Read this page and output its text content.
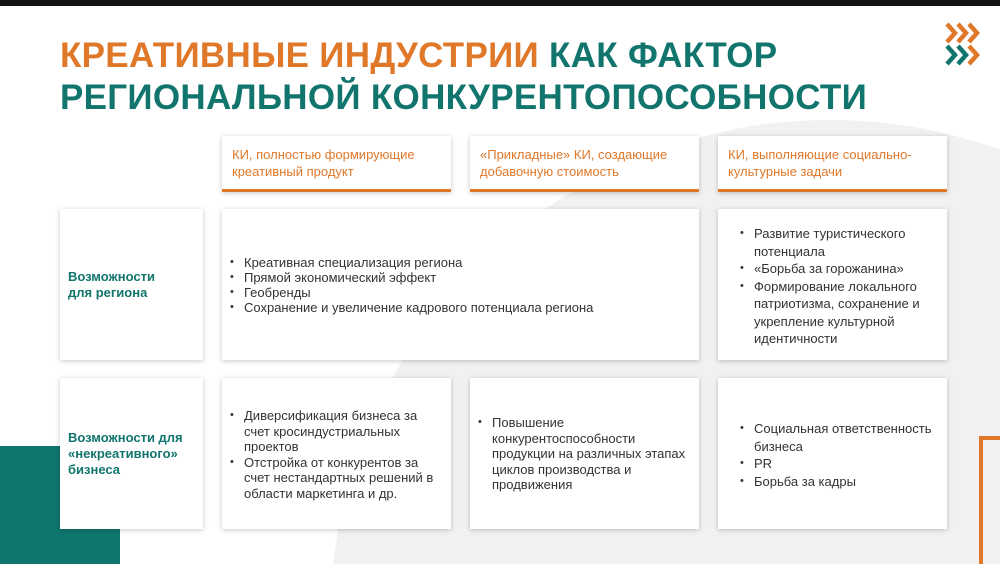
КРЕАТИВНЫЕ ИНДУСТРИИ КАК ФАКТОР
РЕГИОНАЛЬНОЙ КОНКУРЕНТОПОСОБНОСТИ
КИ, полностью формирующие креативный продукт
«Прикладные» КИ, создающие добавочную стоимость
КИ, выполняющие социально-культурные задачи
Возможности
для региона
• Креативная специализация региона
• Прямой экономический эффект
• Геобренды
• Сохранение и увеличение кадрового потенциала региона
• Развитие туристического потенциала
• «Борьба за горожанина»
• Формирование локального патриотизма, сохранение и укрепление культурной идентичности
Возможности для
«некреативного»
бизнеса
• Диверсификация бизнеса за счет кросиндустриальных проектов
• Отстройка от конкурентов за счет нестандартных решений в области маркетинга и др.
• Повышение конкурентоспособности продукции на различных этапах циклов производства и продвижения
• Социальная ответственность бизнеса
• PR
• Борьба за кадры
